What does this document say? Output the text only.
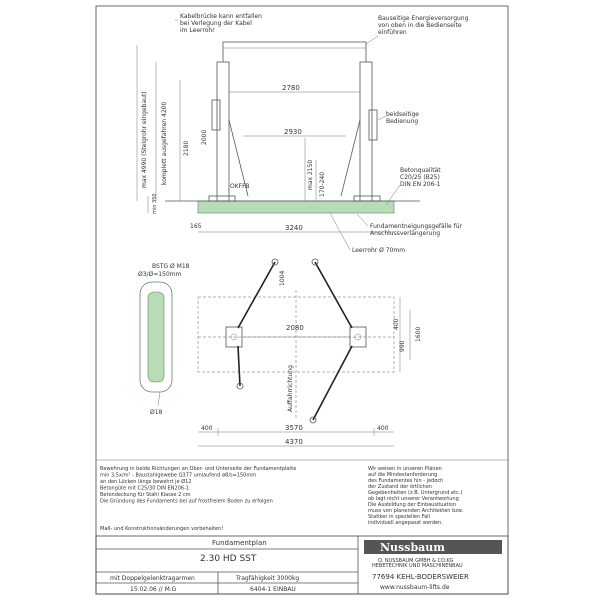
max 4990 (Steigrohr eingebaut) komplett ausgefahren 4200
2180
min 350
2780
2930
3240
165
max 2150 170-240
2000
Kabelbrücke kann entfallen bei Verlegung der Kabel im Leerrohr
Bauseitige Energieversorgung von oben in die Bedienseite einführen
beidseitige Bedienung
Betonqualität C20/25 (B25) DIN EN 206-1
OKFFB
Fundamentneigungsgefälle für Anschlussverlängerung
Leerrohr Ø 70mm
2080
1004
Auffahrrichtung
400
990
1600
400	3570	400
4370
BSTG Ø M18
Ø3/Ø=150mm
Ø18
Bewehrung in beide Richtungen an Ober- und Unterseite der Fundamentplatte min 3,5x/m² - Baustahlgewebe Q377 umlaufend ø8/s=150mm an den Lücken längs bewehrt je Ø12 Betongüte mit C25/30 DIN EN206-1 Betondeckung für Stahl Klasse 2 cm Die Gründung des Fundaments bei auf frostfreiem Boden zu erfolgen
Wir weisen in unseren Plänen auf die Mindestanforderung des Fundamentes hin - jedoch der Zustand der örtlichen Gegebenheiten (z.B. Untergrund etc.) ob lagt nicht unserer Verantwortung Die Ausbildung der Einbausituation muss von planenden Architekten bzw. Statiker in speziellen Fall individuell angepasst werden.
Maß- und Konstruktionsänderungen vorbehalten!
Fundamentplan
2.30 HD SST
mit Doppelgelenktragarmen	Tragfähigkeit 3000kg
15.02.06 // M.G	6404-1 EINBAU
Nussbaum
O. NUSSBAUM GMBH & CO.KG HEBETECHNIK UND MASCHINENBAU
77694 KEHL-BODERSWEIER
www.nussbaum-lifts.de
